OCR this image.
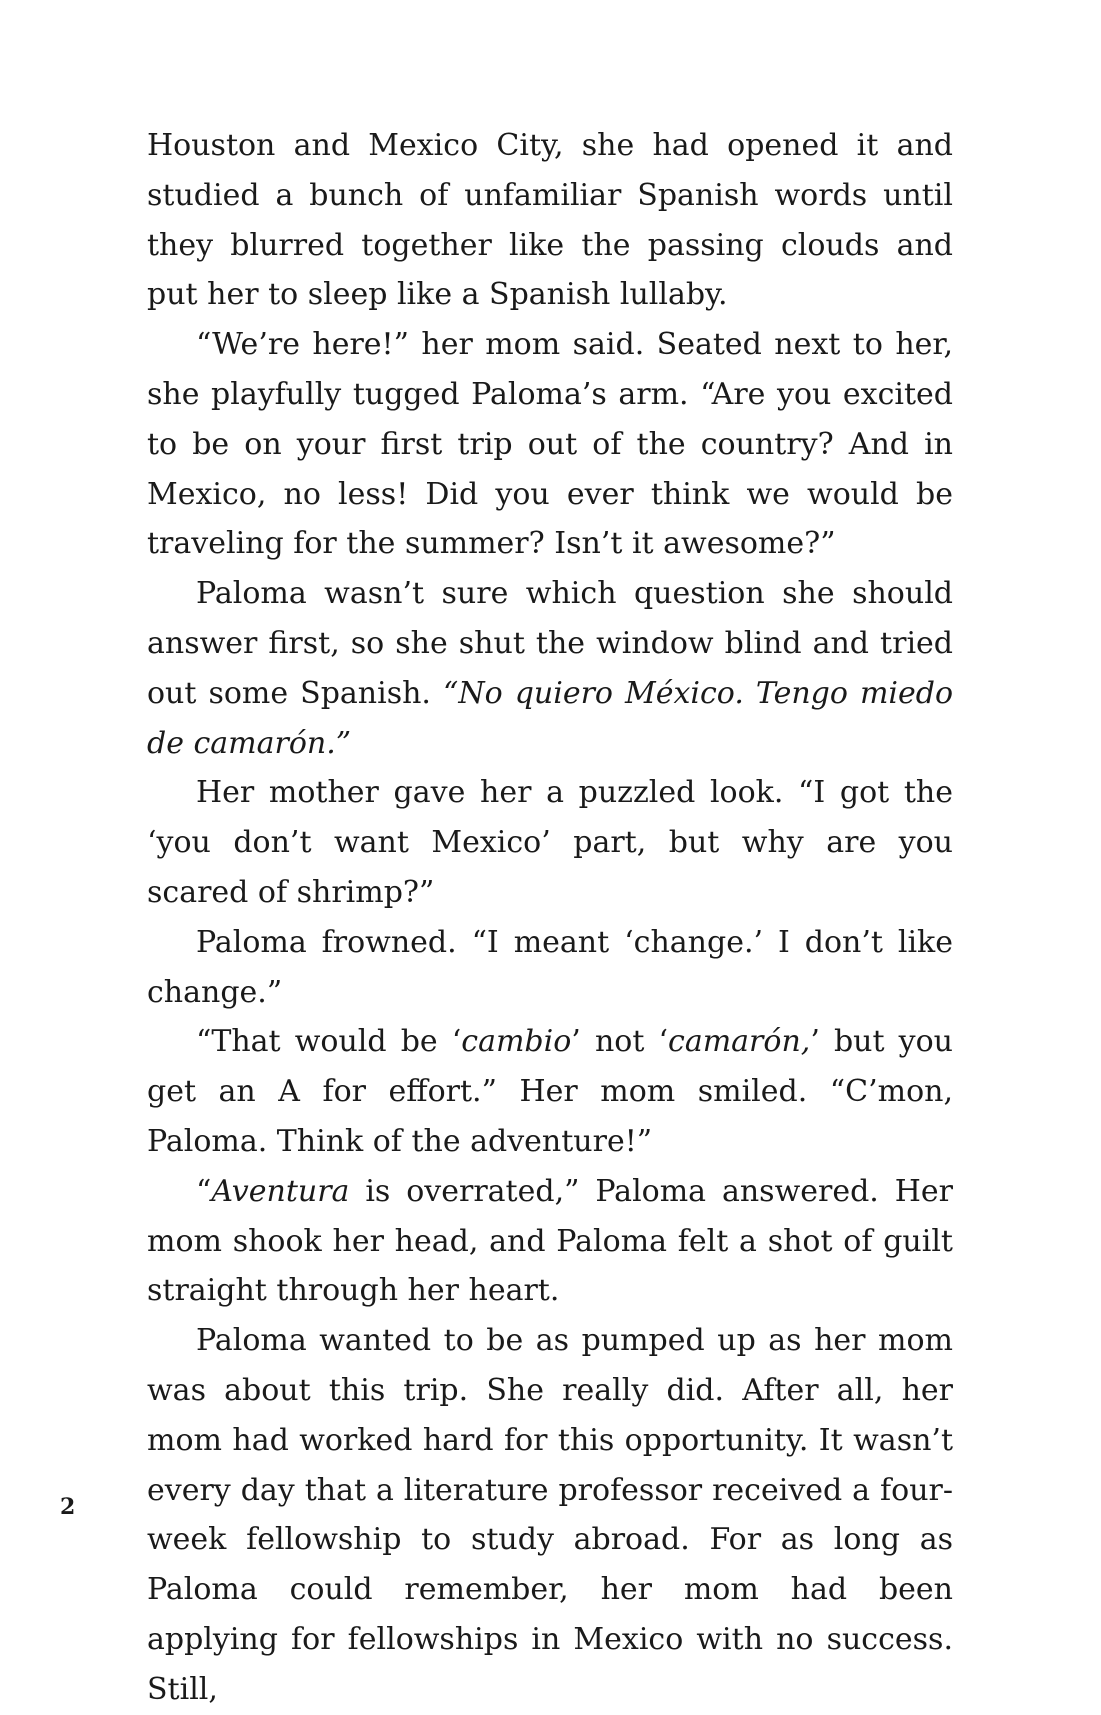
Houston and Mexico City, she had opened it and studied a bunch of unfamiliar Spanish words until they blurred together like the passing clouds and put her to sleep like a Spanish lullaby.

“We’re here!” her mom said. Seated next to her, she playfully tugged Paloma’s arm. “Are you excited to be on your first trip out of the country? And in Mexico, no less! Did you ever think we would be traveling for the summer? Isn’t it awesome?”

Paloma wasn’t sure which question she should answer first, so she shut the window blind and tried out some Spanish. “No quiero México. Tengo miedo de camarón.”

Her mother gave her a puzzled look. “I got the ‘you don’t want Mexico’ part, but why are you scared of shrimp?”

Paloma frowned. “I meant ‘change.’ I don’t like change.”

“That would be ‘cambio’ not ‘camarón,’ but you get an A for effort.” Her mom smiled. “C’mon, Paloma. Think of the adventure!”

“Aventura is overrated,” Paloma answered. Her mom shook her head, and Paloma felt a shot of guilt straight through her heart.

Paloma wanted to be as pumped up as her mom was about this trip. She really did. After all, her mom had worked hard for this opportunity. It wasn’t every day that a literature professor received a four-week fellowship to study abroad. For as long as Paloma could remember, her mom had been applying for fellowships in Mexico with no success. Still,

2
